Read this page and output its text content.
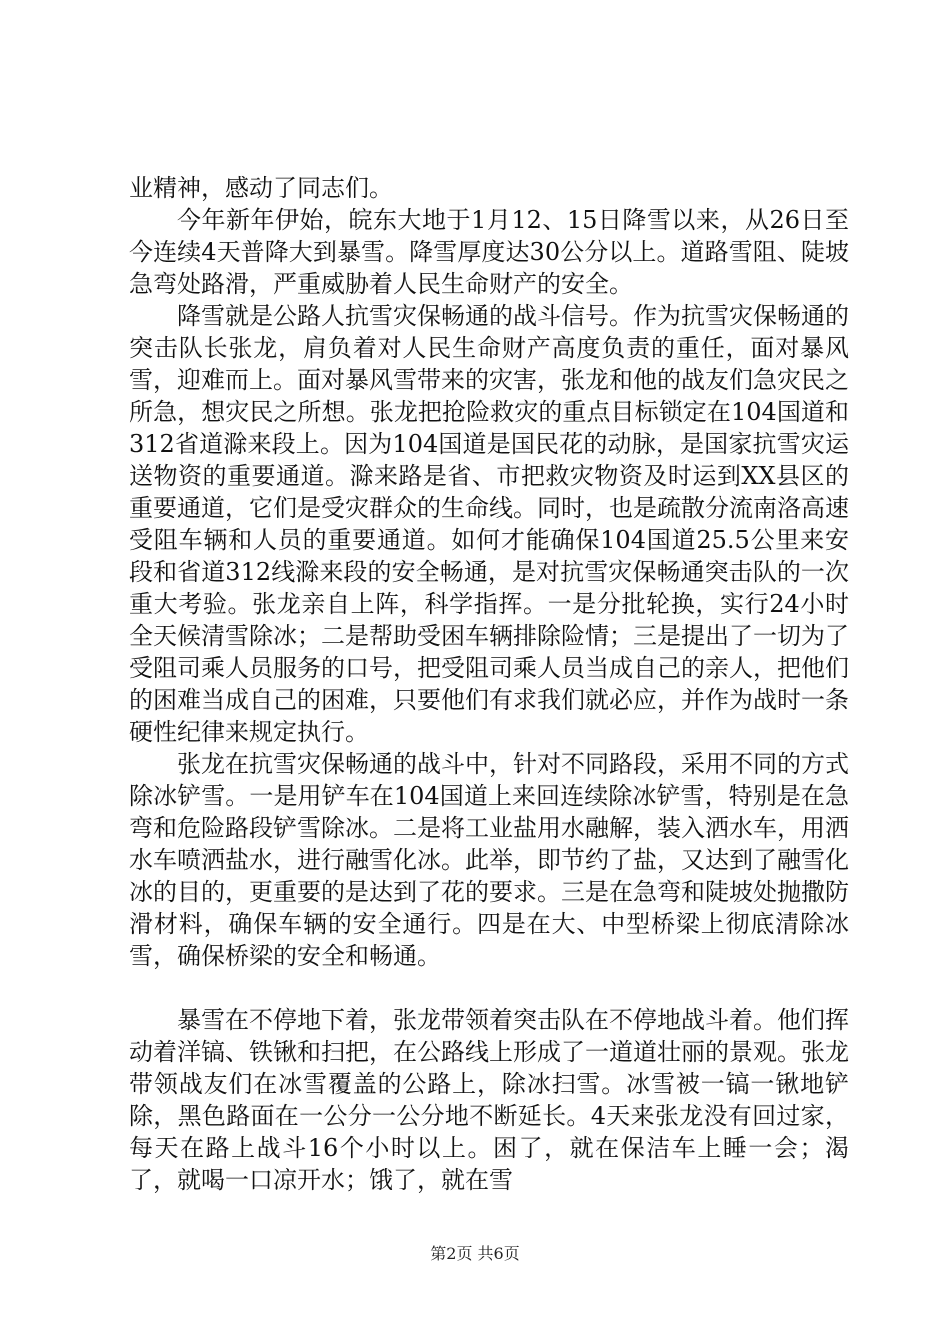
业精神，感动了同志们。

今年新年伊始，皖东大地于1月12、15日降雪以来，从26日至今连续4天普降大到暴雪。降雪厚度达30公分以上。道路雪阻、陡坡急弯处路滑，严重威胁着人民生命财产的安全。

降雪就是公路人抗雪灾保畅通的战斗信号。作为抗雪灾保畅通的突击队长张龙，肩负着对人民生命财产高度负责的重任，面对暴风雪，迎难而上。面对暴风雪带来的灾害，张龙和他的战友们急灾民之所急，想灾民之所想。张龙把抢险救灾的重点目标锁定在104国道和312省道滁来段上。因为104国道是国民花的动脉，是国家抗雪灾运送物资的重要通道。滁来路是省、市把救灾物资及时运到XX县区的重要通道，它们是受灾群众的生命线。同时，也是疏散分流南洛高速受阻车辆和人员的重要通道。如何才能确保104国道25.5公里来安段和省道312线滁来段的安全畅通，是对抗雪灾保畅通突击队的一次重大考验。张龙亲自上阵，科学指挥。一是分批轮换，实行24小时全天候清雪除冰；二是帮助受困车辆排除险情；三是提出了一切为了受阻司乘人员服务的口号，把受阻司乘人员当成自己的亲人，把他们的困难当成自己的困难，只要他们有求我们就必应，并作为战时一条硬性纪律来规定执行。

张龙在抗雪灾保畅通的战斗中，针对不同路段，采用不同的方式除冰铲雪。一是用铲车在104国道上来回连续除冰铲雪，特别是在急弯和危险路段铲雪除冰。二是将工业盐用水融解，装入洒水车，用洒水车喷洒盐水，进行融雪化冰。此举，即节约了盐，又达到了融雪化冰的目的，更重要的是达到了花的要求。三是在急弯和陡坡处抛撒防滑材料，确保车辆的安全通行。四是在大、中型桥梁上彻底清除冰雪，确保桥梁的安全和畅通。

暴雪在不停地下着，张龙带领着突击队在不停地战斗着。他们挥动着洋镐、铁锹和扫把，在公路线上形成了一道道壮丽的景观。张龙带领战友们在冰雪覆盖的公路上，除冰扫雪。冰雪被一镐一锹地铲除，黑色路面在一公分一公分地不断延长。4天来张龙没有回过家，每天在路上战斗16个小时以上。困了，就在保洁车上睡一会；渴了，就喝一口凉开水；饿了，就在雪

第2页 共6页
